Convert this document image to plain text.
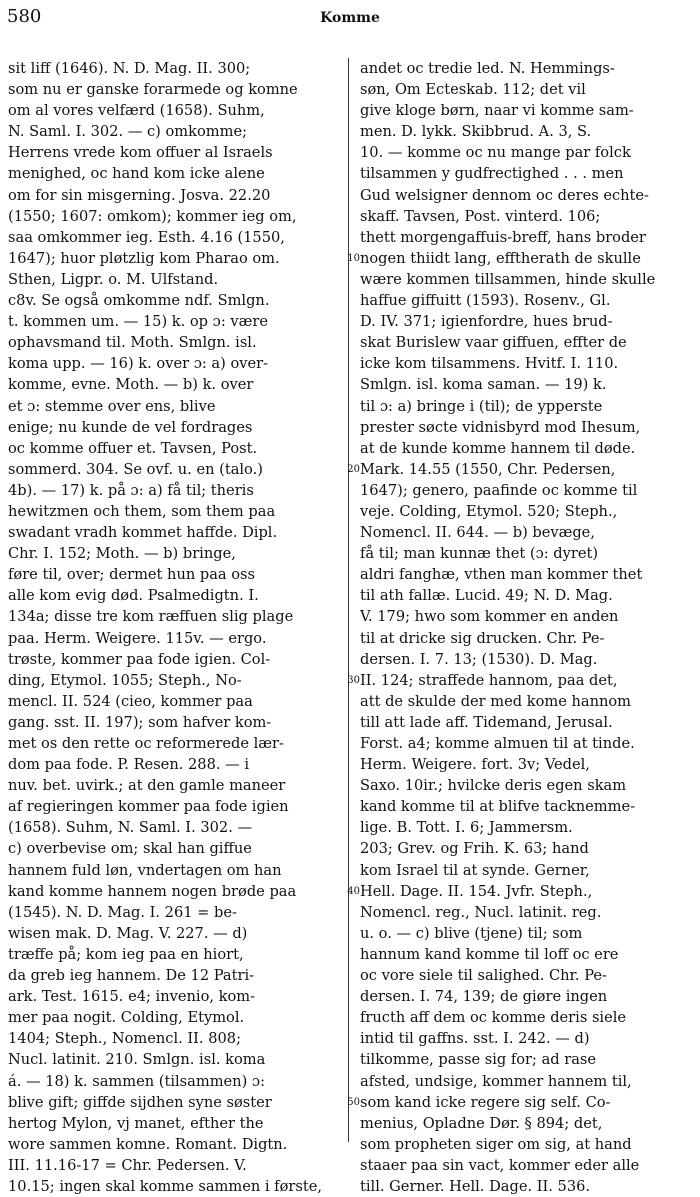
580	Komme
sit liff (1646). N. D. Mag. II. 300;
som nu er ganske forarmede og komne
om al vores velfærd (1658). Suhm,
N. Saml. I. 302. — c) omkomme;
Herrens vrede kom offuer al Israels
menighed, oc hand kom icke alene
om for sin misgerning. Josva. 22.20
(1550; 1607: omkom); kommer ieg om,
saa omkommer ieg. Esth. 4.16 (1550,
1647); huor pløtzlig kom Pharao om.
Sthen, Ligpr. o. M. Ulfstand.
c8v. Se også omkomme ndf. Smlgn.
t. kommen um. — 15) k. op ɔ: være
ophavsmand til. Moth. Smlgn. isl.
koma upp. — 16) k. over ɔ: a) over-
komme, evne. Moth. — b) k. over
et ɔ: stemme over ens, blive
enige; nu kunde de vel fordrages
oc komme offuer et. Tavsen, Post.
sommerd. 304. Se ovf. u. en (talo.)
4b). — 17) k. på ɔ: a) få til; theris
hewitzmen och them, som them paa
swadant vradh kommet haffde. Dipl.
Chr. I. 152; Moth. — b) bringe,
føre til, over; dermet hun paa oss
alle kom evig død. Psalmedigtn. I.
134a; disse tre kom ræffuen slig plage
paa. Herm. Weigere. 115v. — ergo.
trøste, kommer paa fode igien. Col-
ding, Etymol. 1055; Steph., No-
mencl. II. 524 (cieo, kommer paa
gang. sst. II. 197); som hafver kom-
met os den rette oc reformerede lær-
dom paa fode. P. Resen. 288. — i
nuv. bet. uvirk.; at den gamle maneer
af regieringen kommer paa fode igien
(1658). Suhm, N. Saml. I. 302. —
c) overbevise om; skal han giffue
hannem fuld løn, vndertagen om han
kand komme hannem nogen brøde paa
(1545). N. D. Mag. I. 261 = be-
wisen mak. D. Mag. V. 227. — d)
træffe på; kom ieg paa en hiort,
da greb ieg hannem. De 12 Patri-
ark. Test. 1615. e4; invenio, kom-
mer paa nogit. Colding, Etymol.
1404; Steph., Nomencl. II. 808;
Nucl. latinit. 210. Smlgn. isl. koma
á. — 18) k. sammen (tilsammen) ɔ:
blive gift; giffde sijdhen syne søster
hertog Mylon, vj manet, efther the
wore sammen komne. Romant. Digtn.
III. 11.16-17 = Chr. Pedersen. V.
10.15; ingen skal komme sammen i første,
10
20
30
40
50
andet oc tredie led. N. Hemmings-
søn, Om Ecteskab. 112; det vil
give kloge børn, naar vi komme sam-
men. D. lykk. Skibbrud. A. 3, S.
10. — komme oc nu mange par folck
tilsammen y gudfrectighed . . . men
Gud welsigner dennom oc deres echte-
skaff. Tavsen, Post. vinterd. 106;
thett morgengaffuis-breff, hans broder
nogen thiidt lang, efftherath de skulle
wære kommen tillsammen, hinde skulle
haffue giffuitt (1593). Rosenv., Gl.
D. IV. 371; igienfordre, hues brud-
skat Burislew vaar giffuen, effter de
icke kom tilsammens. Hvitf. I. 110.
Smlgn. isl. koma saman. — 19) k.
til ɔ: a) bringe i (til); de ypperste
prester søcte vidnisbyrd mod Ihesum,
at de kunde komme hannem til døde.
Mark. 14.55 (1550, Chr. Pedersen,
1647); genero, paafinde oc komme til
veje. Colding, Etymol. 520; Steph.,
Nomencl. II. 644. — b) bevæge,
få til; man kunnæ thet (ɔ: dyret)
aldri fanghæ, vthen man kommer thet
til ath fallæ. Lucid. 49; N. D. Mag.
V. 179; hwo som kommer en anden
til at dricke sig drucken. Chr. Pe-
dersen. I. 7. 13; (1530). D. Mag.
II. 124; straffede hannom, paa det,
att de skulde der med kome hannom
till att lade aff. Tidemand, Jerusal.
Forst. a4; komme almuen til at tinde.
Herm. Weigere. fort. 3v; Vedel,
Saxo. 10ir.; hvilcke deris egen skam
kand komme til at blifve tacknemme-
lige. B. Tott. I. 6; Jammersm.
203; Grev. og Frih. K. 63; hand
kom Israel til at synde. Gerner,
Hell. Dage. II. 154. Jvfr. Steph.,
Nomencl. reg., Nucl. latinit. reg.
u. o. — c) blive (tjene) til; som
hannum kand komme til loff oc ere
oc vore siele til salighed. Chr. Pe-
dersen. I. 74, 139; de giøre ingen
fructh aff dem oc komme deris siele
intid til gaffns. sst. I. 242. — d)
tilkomme, passe sig for; ad rase
afsted, undsige, kommer hannem til,
som kand icke regere sig self. Co-
menius, Opladne Dør. § 894; det,
som propheten siger om sig, at hand
staaer paa sin vact, kommer eder alle
till. Gerner. Hell. Dage. II. 536.
